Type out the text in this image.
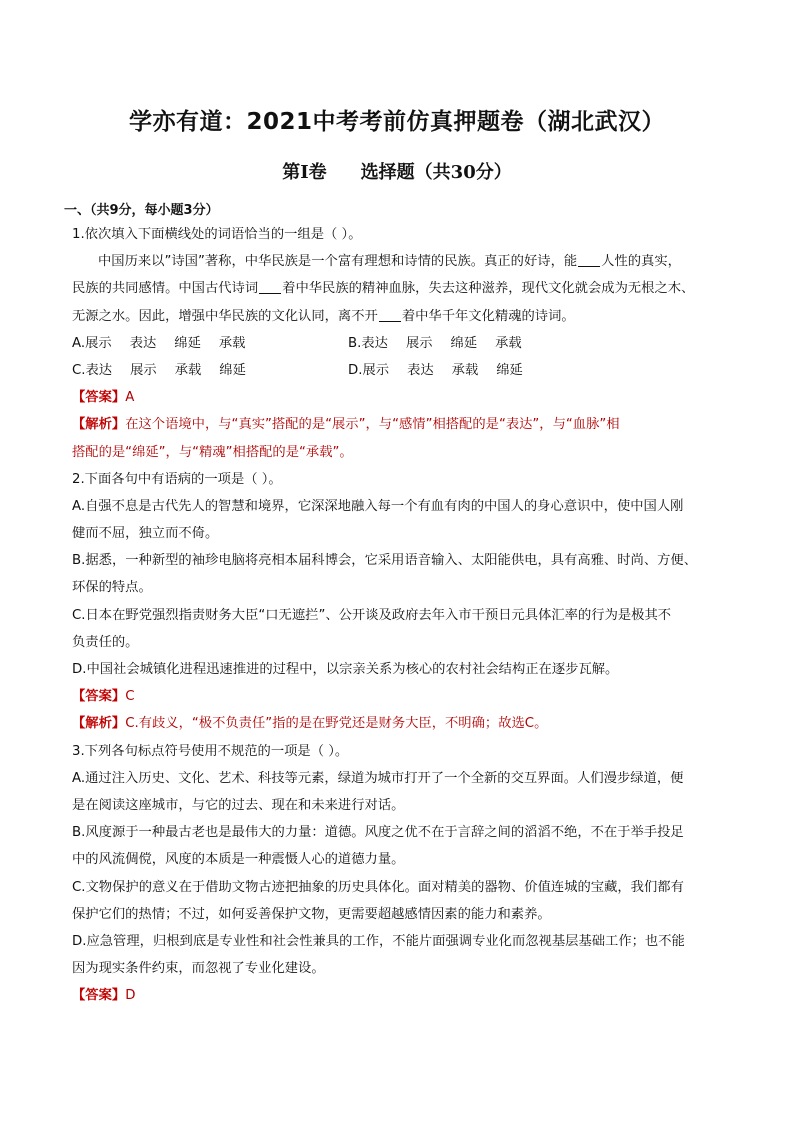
学亦有道：2021中考考前仿真押题卷（湖北武汉）
第Ⅰ卷 选择题（共30分）
一、（共9分，每小题3分）
1.依次填入下面横线处的词语恰当的一组是（ ）。
中国历来以”诗国”著称，中华民族是一个富有理想和诗情的民族。真正的好诗，能 人性的真实，
民族的共同感情。中国古代诗词 着中华民族的精神血脉，失去这种滋养，现代文化就会成为无根之木、
无源之水。因此，增强中华民族的文化认同，离不开 着中华千年文化精魂的诗词。
A.展示 表达 绵延 承载	B.表达 展示 绵延 承载
C.表达 展示 承载 绵延	D.展示 表达 承载 绵延
【答案】A
【解析】在这个语境中，与“真实”搭配的是“展示”，与“感情”相搭配的是“表达”，与“血脉”相
搭配的是“绵延”，与“精魂”相搭配的是“承载”。
2.下面各句中有语病的一项是（ ）。
A.自强不息是古代先人的智慧和境界，它深深地融入每一个有血有肉的中国人的身心意识中，使中国人刚
健而不屈，独立而不倚。
B.据悉，一种新型的袖珍电脑将亮相本届科博会，它采用语音输入、太阳能供电，具有高雅、时尚、方便、
环保的特点。
C.日本在野党强烈指责财务大臣“口无遮拦”、公开谈及政府去年入市干预日元具体汇率的行为是极其不
负责任的。
D.中国社会城镇化进程迅速推进的过程中，以宗亲关系为核心的农村社会结构正在逐步瓦解。
【答案】C
【解析】C.有歧义，“极不负责任”指的是在野党还是财务大臣，不明确；故选C。
3.下列各句标点符号使用不规范的一项是（ ）。
A.通过注入历史、文化、艺术、科技等元素，绿道为城市打开了一个全新的交互界面。人们漫步绿道，便
是在阅读这座城市，与它的过去、现在和未来进行对话。
B.风度源于一种最古老也是最伟大的力量：道德。风度之优不在于言辞之间的滔滔不绝，不在于举手投足
中的风流倜傥，风度的本质是一种震慑人心的道德力量。
C.文物保护的意义在于借助文物古迹把抽象的历史具体化。面对精美的器物、价值连城的宝藏，我们都有
保护它们的热情；不过，如何妥善保护文物，更需要超越感情因素的能力和素养。
D.应急管理，归根到底是专业性和社会性兼具的工作，不能片面强调专业化而忽视基层基础工作；也不能
因为现实条件约束，而忽视了专业化建设。
【答案】D
